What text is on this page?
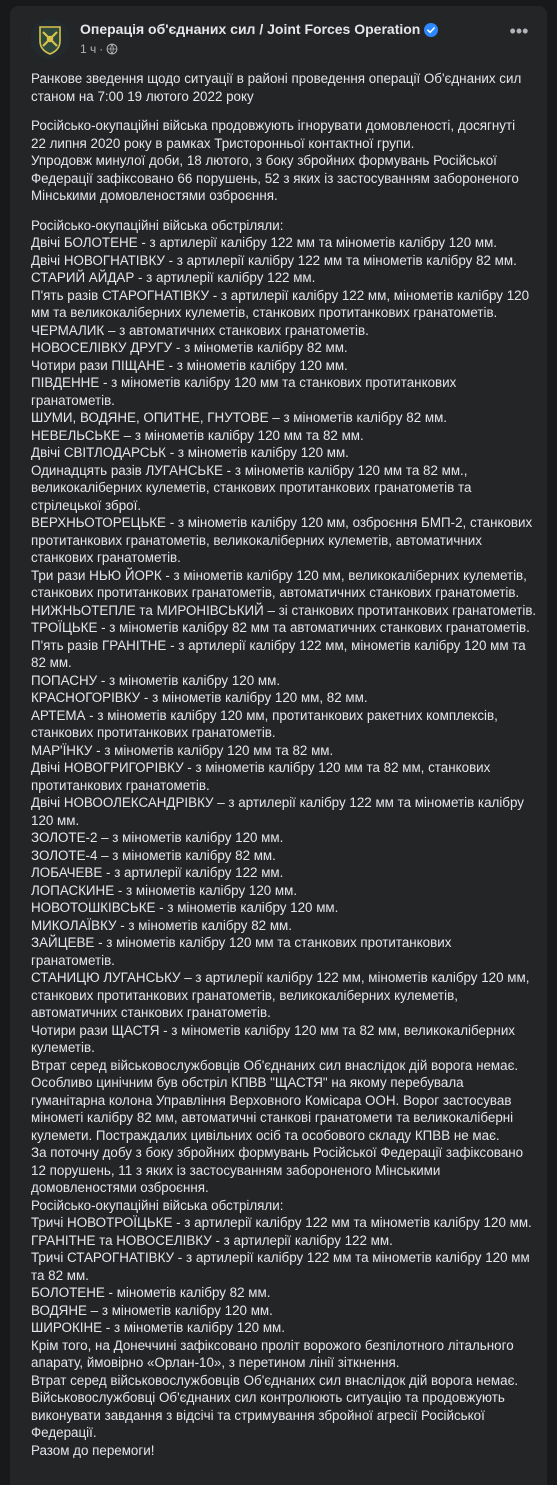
Операція об'єднаних сил / Joint Forces Operation
1 ч ·
•••
Ранкове зведення щодо ситуації в районі проведення операції Об'єднаних сил
станом на 7:00 19 лютого 2022 року
Російсько-окупаційні війська продовжують ігнорувати домовленості, досягнуті
22 липня 2020 року в рамках Тристоронньої контактної групи.
Упродовж минулої доби, 18 лютого, з боку збройних формувань Російської
Федерації зафіксовано 66 порушень, 52 з яких із застосуванням забороненого
Мінськими домовленостями озброєння.
Російсько-окупаційні війська обстріляли:
Двічі БОЛОТЕНЕ - з артилерії калібру 122 мм та мінометів калібру 120 мм.
Двічі НОВОГНАТІВКУ - з артилерії калібру 122 мм та мінометів калібру 82 мм.
СТАРИЙ АЙДАР - з артилерії калібру 122 мм.
П'ять разів СТАРОГНАТІВКУ - з артилерії калібру 122 мм, мінометів калібру 120
мм та великокаліберних кулеметів, станкових протитанкових гранатометів.
ЧЕРМАЛИК – з автоматичних станкових гранатометів.
НОВОСЕЛІВКУ ДРУГУ - з мінометів калібру 82 мм.
Чотири рази ПІЩАНЕ - з мінометів калібру 120 мм.
ПІВДЕННЕ - з мінометів калібру 120 мм та станкових протитанкових
гранатометів.
ШУМИ, ВОДЯНЕ, ОПИТНЕ, ГНУТОВЕ – з мінометів калібру 82 мм.
НЕВЕЛЬСЬКЕ – з мінометів калібру 120 мм та 82 мм.
Двічі СВІТЛОДАРСЬК - з мінометів калібру 120 мм.
Одинадцять разів ЛУГАНСЬКЕ - з мінометів калібру 120 мм та 82 мм.,
великокаліберних кулеметів, станкових протитанкових гранатометів та
стрілецької зброї.
ВЕРХНЬОТОРЕЦЬКЕ - з мінометів калібру 120 мм, озброєння БМП-2, станкових
протитанкових гранатометів, великокаліберних кулеметів, автоматичних
станкових гранатометів.
Три рази НЬЮ ЙОРК - з мінометів калібру 120 мм, великокаліберних кулеметів,
станкових протитанкових гранатометів, автоматичних станкових гранатометів.
НИЖНЬОТЕПЛЕ та МИРОНІВСЬКИЙ – зі станкових протитанкових гранатометів.
ТРОЇЦЬКЕ - з мінометів калібру 82 мм та автоматичних станкових гранатометів.
П'ять разів ГРАНІТНЕ - з артилерії калібру 122 мм, мінометів калібру 120 мм та
82 мм.
ПОПАСНУ - з мінометів калібру 120 мм.
КРАСНОГОРІВКУ - з мінометів калібру 120 мм, 82 мм.
АРТЕМА - з мінометів калібру 120 мм, протитанкових ракетних комплексів,
станкових протитанкових гранатометів.
МАР'ЇНКУ - з мінометів калібру 120 мм та 82 мм.
Двічі НОВОГРИГОРІВКУ - з мінометів калібру 120 мм та 82 мм, станкових
протитанкових гранатометів.
Двічі НОВООЛЕКСАНДРІВКУ – з артилерії калібру 122 мм та мінометів калібру
120 мм.
ЗОЛОТЕ-2 – з мінометів калібру 120 мм.
ЗОЛОТЕ-4 – з мінометів калібру 82 мм.
ЛОБАЧЕВЕ - з артилерії калібру 122 мм.
ЛОПАСКИНЕ - з мінометів калібру 120 мм.
НОВОТОШКІВСЬКЕ - з мінометів калібру 120 мм.
МИКОЛАЇВКУ - з мінометів калібру 82 мм.
ЗАЙЦЕВЕ - з мінометів калібру 120 мм та станкових протитанкових
гранатометів.
СТАНИЦЮ ЛУГАНСЬКУ – з артилерії калібру 122 мм, мінометів калібру 120 мм,
станкових протитанкових гранатометів, великокаліберних кулеметів,
автоматичних станкових гранатометів.
Чотири рази ЩАСТЯ - з мінометів калібру 120 мм та 82 мм, великокаліберних
кулеметів.
Втрат серед військовослужбовців Об'єднаних сил внаслідок дій ворога немає.
Особливо цинічним був обстріл КПВВ "ЩАСТЯ" на якому перебувала
гуманітарна колона Управління Верховного Комісара ООН. Ворог застосував
мінометі калібру 82 мм, автоматичні станкові гранатомети та великокаліберні
кулемети. Постраждалих цивільних осіб та особового складу КПВВ не має.
За поточну добу з боку збройних формувань Російської Федерації зафіксовано
12 порушень, 11 з яких із застосуванням забороненого Мінськими
домовленостями озброєння.
Російсько-окупаційні війська обстріляли:
Тричі НОВОТРОЇЦЬКЕ - з артилерії калібру 122 мм та мінометів калібру 120 мм.
ГРАНІТНЕ та НОВОСЕЛІВКУ - з артилерії калібру 122 мм.
Тричі СТАРОГНАТІВКУ - з артилерії калібру 122 мм та мінометів калібру 120 мм
та 82 мм.
БОЛОТЕНЕ - мінометів калібру 82 мм.
ВОДЯНЕ – з мінометів калібру 120 мм.
ШИРОКІНЕ - з мінометів калібру 120 мм.
Крім того, на Донеччині зафіксовано проліт ворожого безпілотного літального
апарату, ймовірно «Орлан-10», з перетином лінії зіткнення.
Втрат серед військовослужбовців Об'єднаних сил внаслідок дій ворога немає.
Військовослужбовці Об'єднаних сил контролюють ситуацію та продовжують
виконувати завдання з відсічі та стримування збройної агресії Російської
Федерації.
Разом до перемоги!
